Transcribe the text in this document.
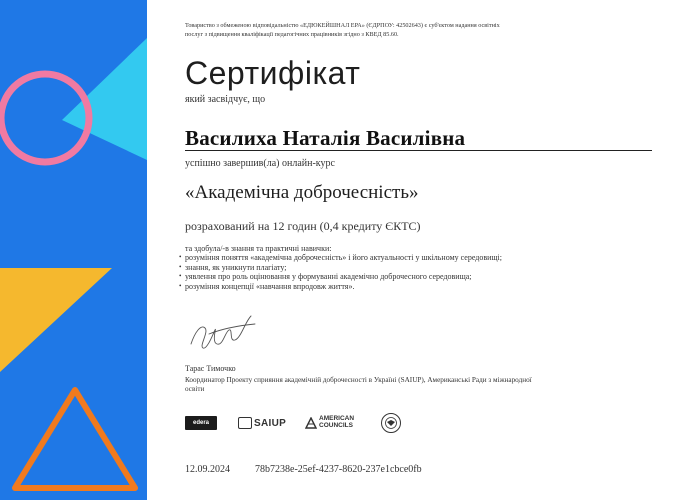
Товариство з обмеженою відповідальністю «ЕДЮКЕЙШНАЛ ЕРА» (ЄДРПОУ: 42502643) є суб'єктом надання освітніх послуг з підвищення кваліфікації педагогічних працівників згідно з КВЕД 85.60.
Сертифікат
який засвідчує, що
Василиха Наталія Василівна
успішно завершив(ла) онлайн-курс
«Академічна доброчесність»
розрахований на 12 годин (0,4 кредиту ЄКТС)
та здобула/-в знання та практичні навички:
• розуміння поняття «академічна доброчесність» і його актуальності у шкільному середовищі;
• знання, як уникнути плагіату;
• уявлення про роль оцінювання у формуванні академічно доброчесного середовища;
• розуміння концепції «навчання впродовж життя».
Тарас Тимочко
Координатор Проекту сприяння академічній доброчесності в Україні (SAIUP), Американські Ради з міжнародної освіти
edera	SAIUP	AMERICAN
COUNCILS
12.09.2024	78b7238e-25ef-4237-8620-237e1cbce0fb
